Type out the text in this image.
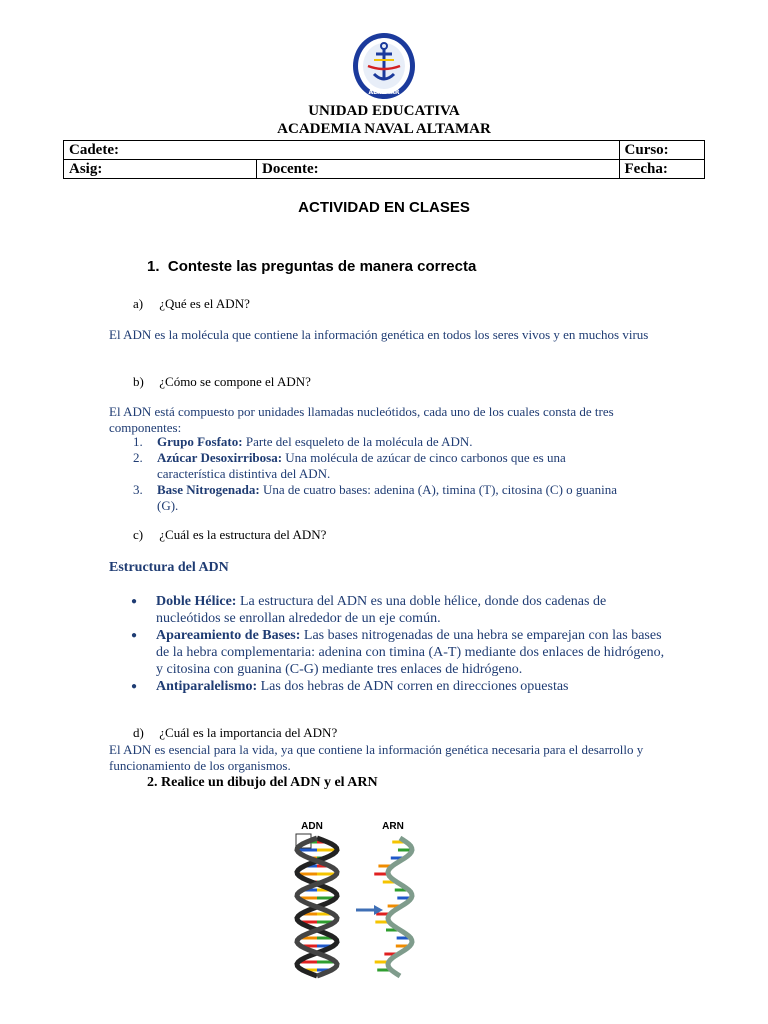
ALTAMAR
UNIDAD EDUCATIVA
ACADEMIA NAVAL ALTAMAR
Cadete:		Curso:
Asig:	Docente:	Fecha:
ACTIVIDAD EN CLASES
1. Conteste las preguntas de manera correcta
a) ¿Qué es el ADN?
El ADN es la molécula que contiene la información genética en todos los seres vivos y en muchos virus
b) ¿Cómo se compone el ADN?
El ADN está compuesto por unidades llamadas nucleótidos, cada uno de los cuales consta de tres componentes:
1.	Grupo Fosfato: Parte del esqueleto de la molécula de ADN.
2.	Azúcar Desoxirribosa: Una molécula de azúcar de cinco carbonos que es una característica distintiva del ADN.
3.	Base Nitrogenada: Una de cuatro bases: adenina (A), timina (T), citosina (C) o guanina (G).
c) ¿Cuál es la estructura del ADN?
Estructura del ADN
●	Doble Hélice: La estructura del ADN es una doble hélice, donde dos cadenas de nucleótidos se enrollan alrededor de un eje común.
●	Apareamiento de Bases: Las bases nitrogenadas de una hebra se emparejan con las bases de la hebra complementaria: adenina con timina (A-T) mediante dos enlaces de hidrógeno, y citosina con guanina (C-G) mediante tres enlaces de hidrógeno.
●	Antiparalelismo: Las dos hebras de ADN corren en direcciones opuestas
d) ¿Cuál es la importancia del ADN?
El ADN es esencial para la vida, ya que contiene la información genética necesaria para el desarrollo y funcionamiento de los organismos.
2. Realice un dibujo del ADN y el ARN
ADN	ARN
